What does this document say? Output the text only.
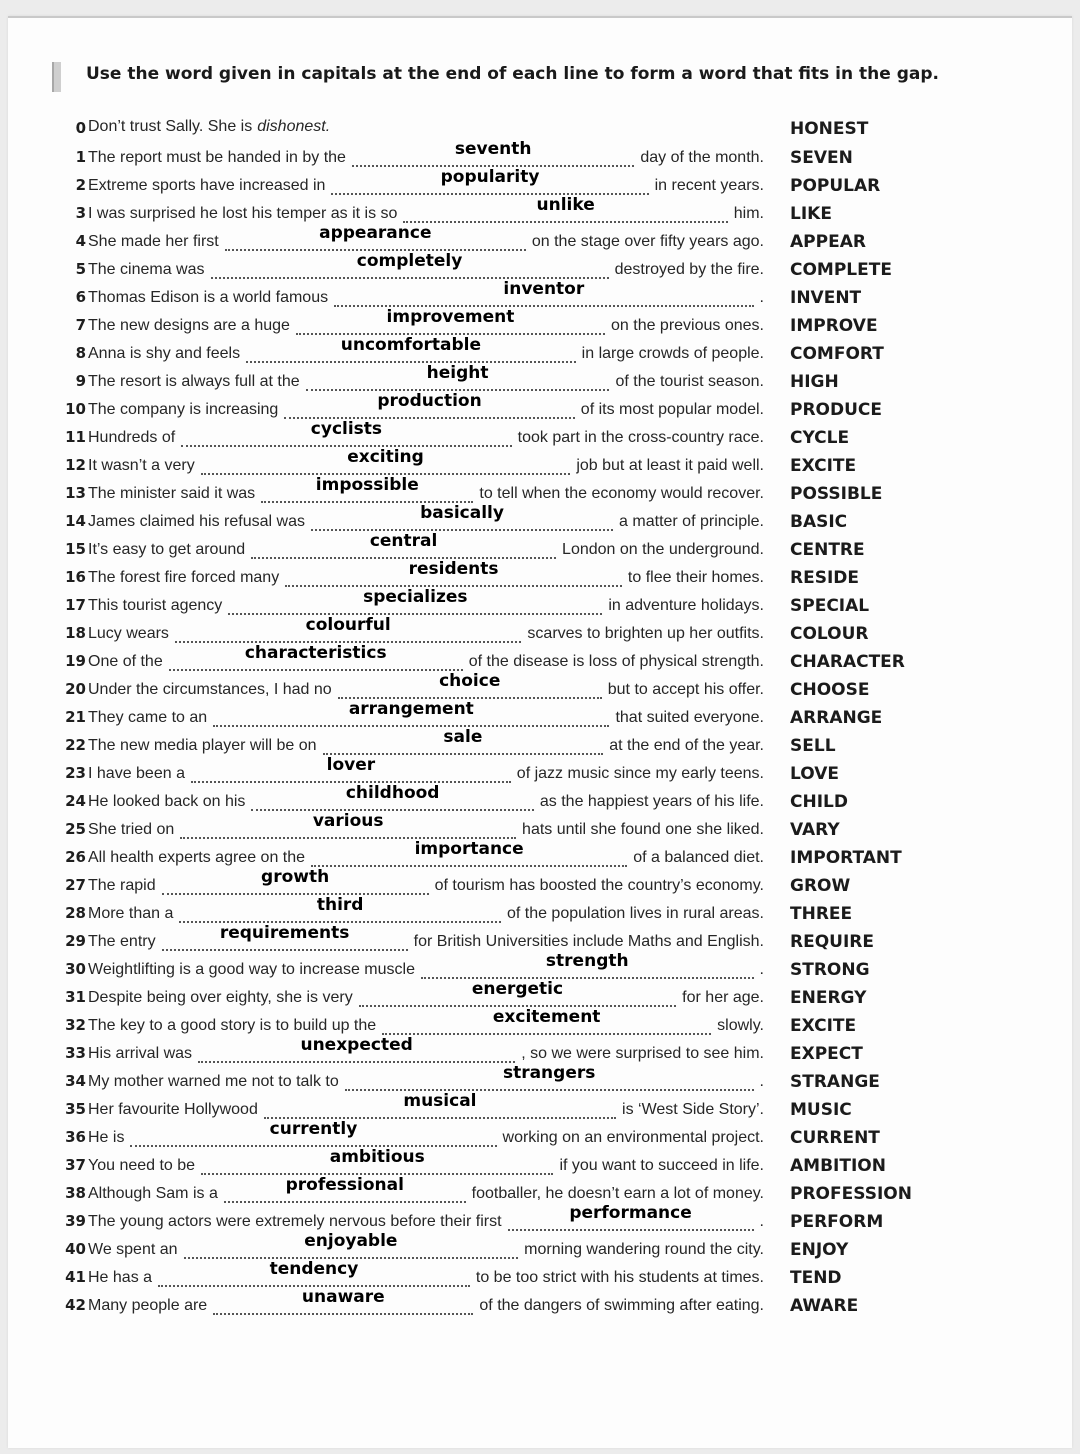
Use the word given in capitals at the end of each line to form a word that fits in the gap.
0 Don’t trust Sally. She is dishonest.	HONEST
1 The report must be handed in by the	seventh	day of the month. SEVEN
2 Extreme sports have increased in	popularity	in recent years. POPULAR
3 I was surprised he lost his temper as it is so	unlike	him. LIKE
4 She made her first	appearance	on the stage over fifty years ago. APPEAR
5 The cinema was	completely	destroyed by the fire. COMPLETE
6 Thomas Edison is a world famous	inventor	. INVENT
7 The new designs are a huge	improvement	on the previous ones. IMPROVE
8 Anna is shy and feels	uncomfortable	in large crowds of people. COMFORT
9 The resort is always full at the	height	of the tourist season. HIGH
10 The company is increasing	production	of its most popular model. PRODUCE
11 Hundreds of	cyclists	took part in the cross-country race. CYCLE
12 It wasn’t a very	exciting	job but at least it paid well. EXCITE
13 The minister said it was	impossible	to tell when the economy would recover. POSSIBLE
14 James claimed his refusal was	basically	a matter of principle. BASIC
15 It’s easy to get around	central	London on the underground. CENTRE
16 The forest fire forced many	residents	to flee their homes. RESIDE
17 This tourist agency	specializes	in adventure holidays. SPECIAL
18 Lucy wears	colourful	scarves to brighten up her outfits. COLOUR
19 One of the	characteristics	of the disease is loss of physical strength. CHARACTER
20 Under the circumstances, I had no	choice	but to accept his offer. CHOOSE
21 They came to an	arrangement	that suited everyone. ARRANGE
22 The new media player will be on	sale	at the end of the year. SELL
23 I have been a	lover	of jazz music since my early teens. LOVE
24 He looked back on his	childhood	as the happiest years of his life. CHILD
25 She tried on	various	hats until she found one she liked. VARY
26 All health experts agree on the	importance	of a balanced diet. IMPORTANT
27 The rapid	growth	of tourism has boosted the country’s economy. GROW
28 More than a	third	of the population lives in rural areas. THREE
29 The entry	requirements	for British Universities include Maths and English. REQUIRE
30 Weightlifting is a good way to increase muscle	strength	. STRONG
31 Despite being over eighty, she is very	energetic	for her age. ENERGY
32 The key to a good story is to build up the	excitement	slowly. EXCITE
33 His arrival was	unexpected	, so we were surprised to see him. EXPECT
34 My mother warned me not to talk to	strangers	. STRANGE
35 Her favourite Hollywood	musical	is ‘West Side Story’. MUSIC
36 He is	currently	working on an environmental project. CURRENT
37 You need to be	ambitious	if you want to succeed in life. AMBITION
38 Although Sam is a	professional	footballer, he doesn’t earn a lot of money. PROFESSION
39 The young actors were extremely nervous before their first	performance	. PERFORM
40 We spent an	enjoyable	morning wandering round the city. ENJOY
41 He has a	tendency	to be too strict with his students at times. TEND
42 Many people are	unaware	of the dangers of swimming after eating. AWARE
